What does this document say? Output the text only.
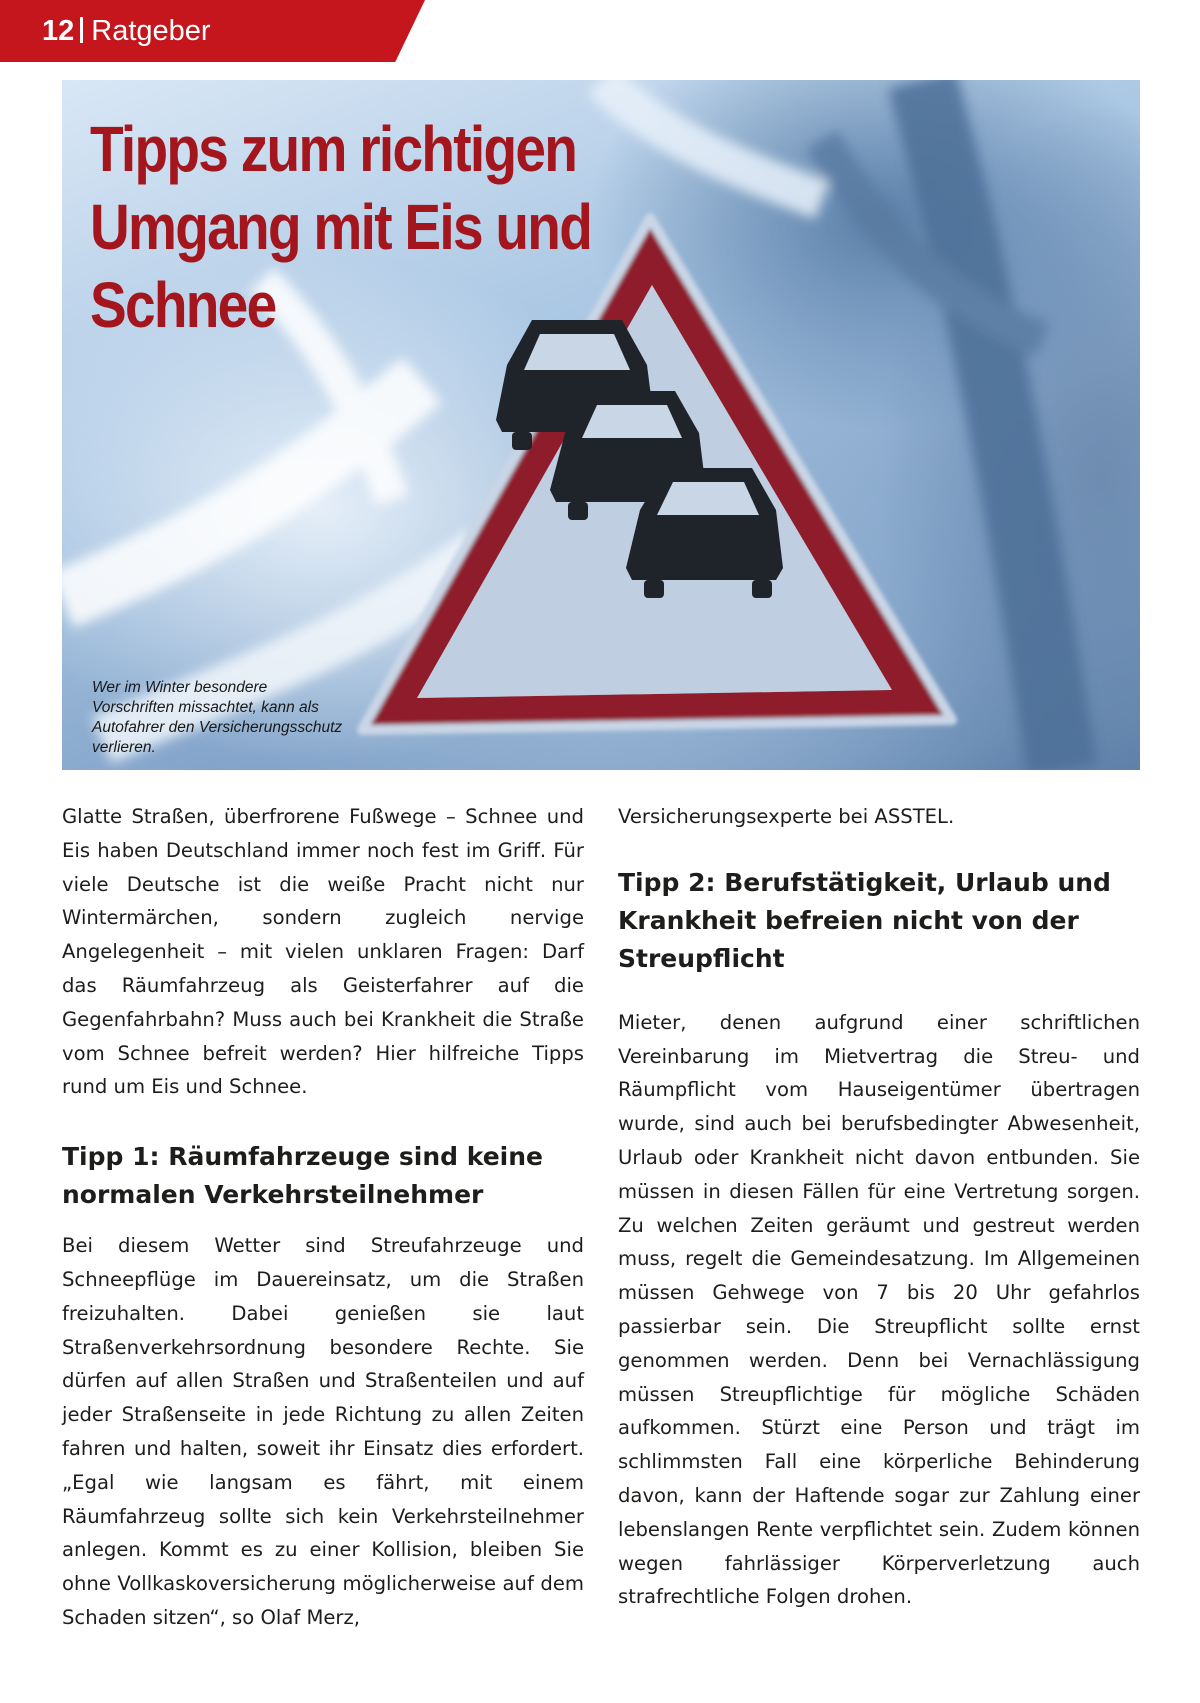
12 Ratgeber
Tipps zum richtigen Umgang mit Eis und Schnee
Wer im Winter besondere Vorschriften missachtet, kann als Autofahrer den Versicherungsschutz verlieren.

Glatte Straßen, überfrorene Fußwege – Schnee und Eis haben Deutschland immer noch fest im Griff. Für viele Deutsche ist die weiße Pracht nicht nur Wintermärchen, sondern zugleich nervige Angelegenheit – mit vielen unklaren Fragen: Darf das Räumfahrzeug als Geisterfahrer auf die Gegenfahrbahn? Muss auch bei Krankheit die Straße vom Schnee befreit werden? Hier hilfreiche Tipps rund um Eis und Schnee.

Tipp 1: Räumfahrzeuge sind keine normalen Verkehrsteilnehmer

Bei diesem Wetter sind Streufahrzeuge und Schneepflüge im Dauereinsatz, um die Straßen freizuhalten. Dabei genießen sie laut Straßenverkehrsordnung besondere Rechte. Sie dürfen auf allen Straßen und Straßenteilen und auf jeder Straßenseite in jede Richtung zu allen Zeiten fahren und halten, soweit ihr Einsatz dies erfordert. „Egal wie langsam es fährt, mit einem Räumfahrzeug sollte sich kein Verkehrsteilnehmer anlegen. Kommt es zu einer Kollision, bleiben Sie ohne Vollkaskoversicherung möglicherweise auf dem Schaden sitzen“, so Olaf Merz,

Versicherungsexperte bei ASSTEL.

Tipp 2: Berufstätigkeit, Urlaub und Krankheit befreien nicht von der Streupflicht

Mieter, denen aufgrund einer schriftlichen Vereinbarung im Mietvertrag die Streu- und Räumpflicht vom Hauseigentümer übertragen wurde, sind auch bei berufsbedingter Abwesenheit, Urlaub oder Krankheit nicht davon entbunden. Sie müssen in diesen Fällen für eine Vertretung sorgen. Zu welchen Zeiten geräumt und gestreut werden muss, regelt die Gemeindesatzung. Im Allgemeinen müssen Gehwege von 7 bis 20 Uhr gefahrlos passierbar sein. Die Streupflicht sollte ernst genommen werden. Denn bei Vernachlässigung müssen Streupflichtige für mögliche Schäden aufkommen. Stürzt eine Person und trägt im schlimmsten Fall eine körperliche Behinderung davon, kann der Haftende sogar zur Zahlung einer lebenslangen Rente verpflichtet sein. Zudem können wegen fahrlässiger Körperverletzung auch strafrechtliche Folgen drohen.
